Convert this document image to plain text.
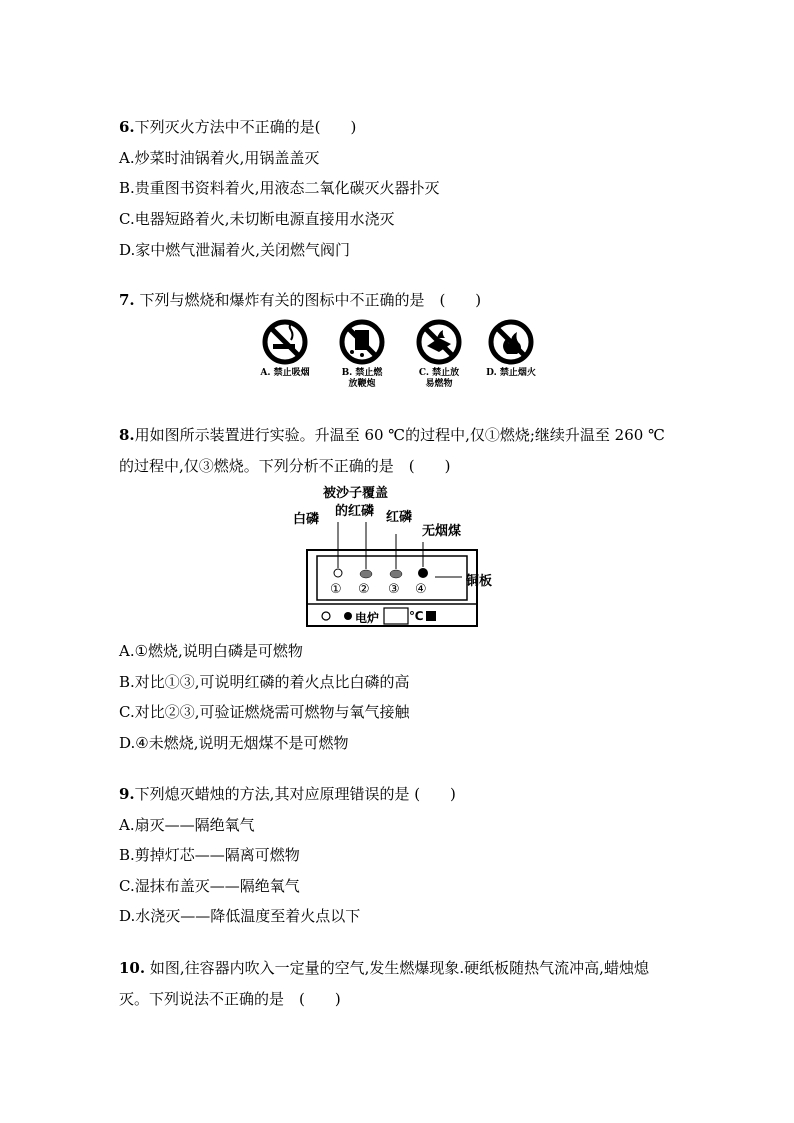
6.下列灭火方法中不正确的是(　　)
A.炒菜时油锅着火,用锅盖盖灭
B.贵重图书资料着火,用液态二氧化碳灭火器扑灭
C.电器短路着火,未切断电源直接用水浇灭
D.家中燃气泄漏着火,关闭燃气阀门
7. 下列与燃烧和爆炸有关的图标中不正确的是　(　　)
A. 禁止吸烟	B. 禁止燃
放鞭炮
C. 禁止放
易燃物
D. 禁止烟火
8.用如图所示装置进行实验。升温至 60 ℃的过程中,仅①燃烧;继续升温至 260 ℃
的过程中,仅③燃烧。下列分析不正确的是　(　　)
被沙子覆盖
的红磷
白磷	红磷
无烟煤
铜板
① ② ③ ④
电炉 ℃
A.①燃烧,说明白磷是可燃物
B.对比①③,可说明红磷的着火点比白磷的高
C.对比②③,可验证燃烧需可燃物与氧气接触
D.④未燃烧,说明无烟煤不是可燃物
9.下列熄灭蜡烛的方法,其对应原理错误的是 (　　)
A.扇灭——隔绝氧气
B.剪掉灯芯——隔离可燃物
C.湿抹布盖灭——隔绝氧气
D.水浇灭——降低温度至着火点以下
10. 如图,往容器内吹入一定量的空气,发生燃爆现象.硬纸板随热气流冲高,蜡烛熄
灭。下列说法不正确的是　(　　)
